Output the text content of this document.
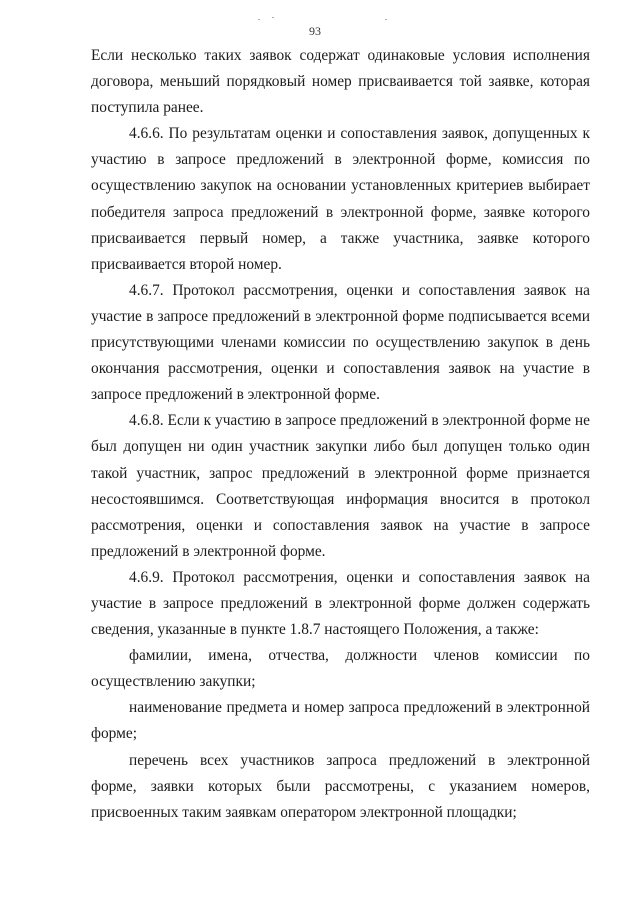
93

Если несколько таких заявок содержат одинаковые условия исполнения договора, меньший порядковый номер присваивается той заявке, которая поступила ранее.

4.6.6. По результатам оценки и сопоставления заявок, допущенных к участию в запросе предложений в электронной форме, комиссия по осуществлению закупок на основании установленных критериев выбирает победителя запроса предложений в электронной форме, заявке которого присваивается первый номер, а также участника, заявке которого присваивается второй номер.

4.6.7. Протокол рассмотрения, оценки и сопоставления заявок на участие в запросе предложений в электронной форме подписывается всеми присутствующими членами комиссии по осуществлению закупок в день окончания рассмотрения, оценки и сопоставления заявок на участие в запросе предложений в электронной форме.

4.6.8. Если к участию в запросе предложений в электронной форме не был допущен ни один участник закупки либо был допущен только один такой участник, запрос предложений в электронной форме признается несостоявшимся. Соответствующая информация вносится в протокол рассмотрения, оценки и сопоставления заявок на участие в запросе предложений в электронной форме.

4.6.9. Протокол рассмотрения, оценки и сопоставления заявок на участие в запросе предложений в электронной форме должен содержать сведения, указанные в пункте 1.8.7 настоящего Положения, а также:

фамилии, имена, отчества, должности членов комиссии по осуществлению закупки;

наименование предмета и номер запроса предложений в электронной форме;

перечень всех участников запроса предложений в электронной форме, заявки которых были рассмотрены, с указанием номеров, присвоенных таким заявкам оператором электронной площадки;
